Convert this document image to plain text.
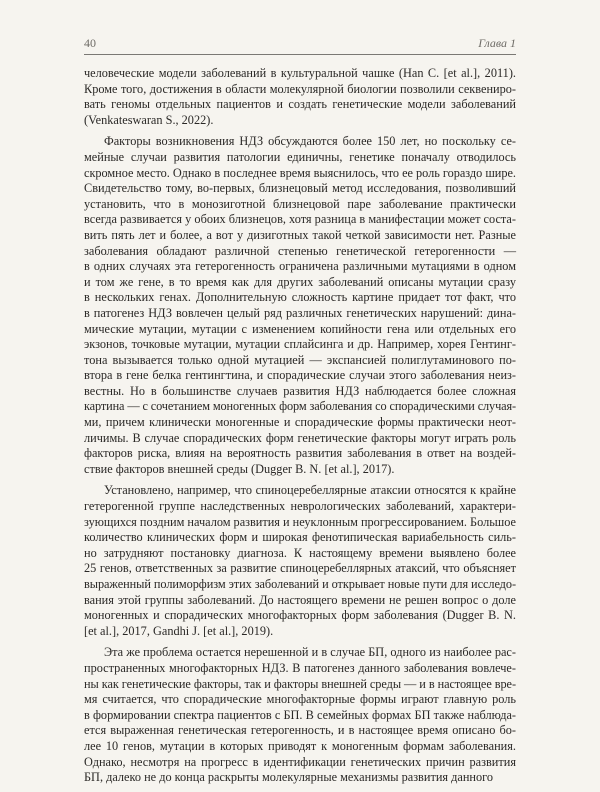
40	Глава 1
человеческие модели заболеваний в культуральной чашке (Han C. [et al.], 2011).
Кроме того, достижения в области молекулярной биологии позволили секвениро-
вать геномы отдельных пациентов и создать генетические модели заболеваний
(Venkateswaran S., 2022).
Факторы возникновения НДЗ обсуждаются более 150 лет, но поскольку се-
мейные случаи развития патологии единичны, генетике поначалу отводилось
скромное место. Однако в последнее время выяснилось, что ее роль гораздо шире.
Свидетельство тому, во-первых, близнецовый метод исследования, позволивший
установить, что в монозиготной близнецовой паре заболевание практически
всегда развивается у обоих близнецов, хотя разница в манифестации может соста-
вить пять лет и более, а вот у дизиготных такой четкой зависимости нет. Разные
заболевания обладают различной степенью генетической гетерогенности —
в одних случаях эта гетерогенность ограничена различными мутациями в одном
и том же гене, в то время как для других заболеваний описаны мутации сразу
в нескольких генах. Дополнительную сложность картине придает тот факт, что
в патогенез НДЗ вовлечен целый ряд различных генетических нарушений: дина-
мические мутации, мутации с изменением копийности гена или отдельных его
экзонов, точковые мутации, мутации сплайсинга и др. Например, хорея Гентинг-
тона вызывается только одной мутацией — экспансией полиглутаминового по-
втора в гене белка гентингтина, и спорадические случаи этого заболевания неиз-
вестны. Но в большинстве случаев развития НДЗ наблюдается более сложная
картина — с сочетанием моногенных форм заболевания со спорадическими случая-
ми, причем клинически моногенные и спорадические формы практически неот-
личимы. В случае спорадических форм генетические факторы могут играть роль
факторов риска, влияя на вероятность развития заболевания в ответ на воздей-
ствие факторов внешней среды (Dugger B. N. [et al.], 2017).
Установлено, например, что спиноцеребеллярные атаксии относятся к крайне
гетерогенной группе наследственных неврологических заболеваний, характери-
зующихся поздним началом развития и неуклонным прогрессированием. Большое
количество клинических форм и широкая фенотипическая вариабельность силь-
но затрудняют постановку диагноза. К настоящему времени выявлено более
25 генов, ответственных за развитие спиноцеребеллярных атаксий, что объясняет
выраженный полиморфизм этих заболеваний и открывает новые пути для исследо-
вания этой группы заболеваний. До настоящего времени не решен вопрос о доле
моногенных и спорадических многофакторных форм заболевания (Dugger B. N.
[et al.], 2017, Gandhi J. [et al.], 2019).
Эта же проблема остается нерешенной и в случае БП, одного из наиболее рас-
пространенных многофакторных НДЗ. В патогенез данного заболевания вовлече-
ны как генетические факторы, так и факторы внешней среды — и в настоящее вре-
мя считается, что спорадические многофакторные формы играют главную роль
в формировании спектра пациентов с БП. В семейных формах БП также наблюда-
ется выраженная генетическая гетерогенность, и в настоящее время описано бо-
лее 10 генов, мутации в которых приводят к моногенным формам заболевания.
Однако, несмотря на прогресс в идентификации генетических причин развития
БП, далеко не до конца раскрыты молекулярные механизмы развития данного
